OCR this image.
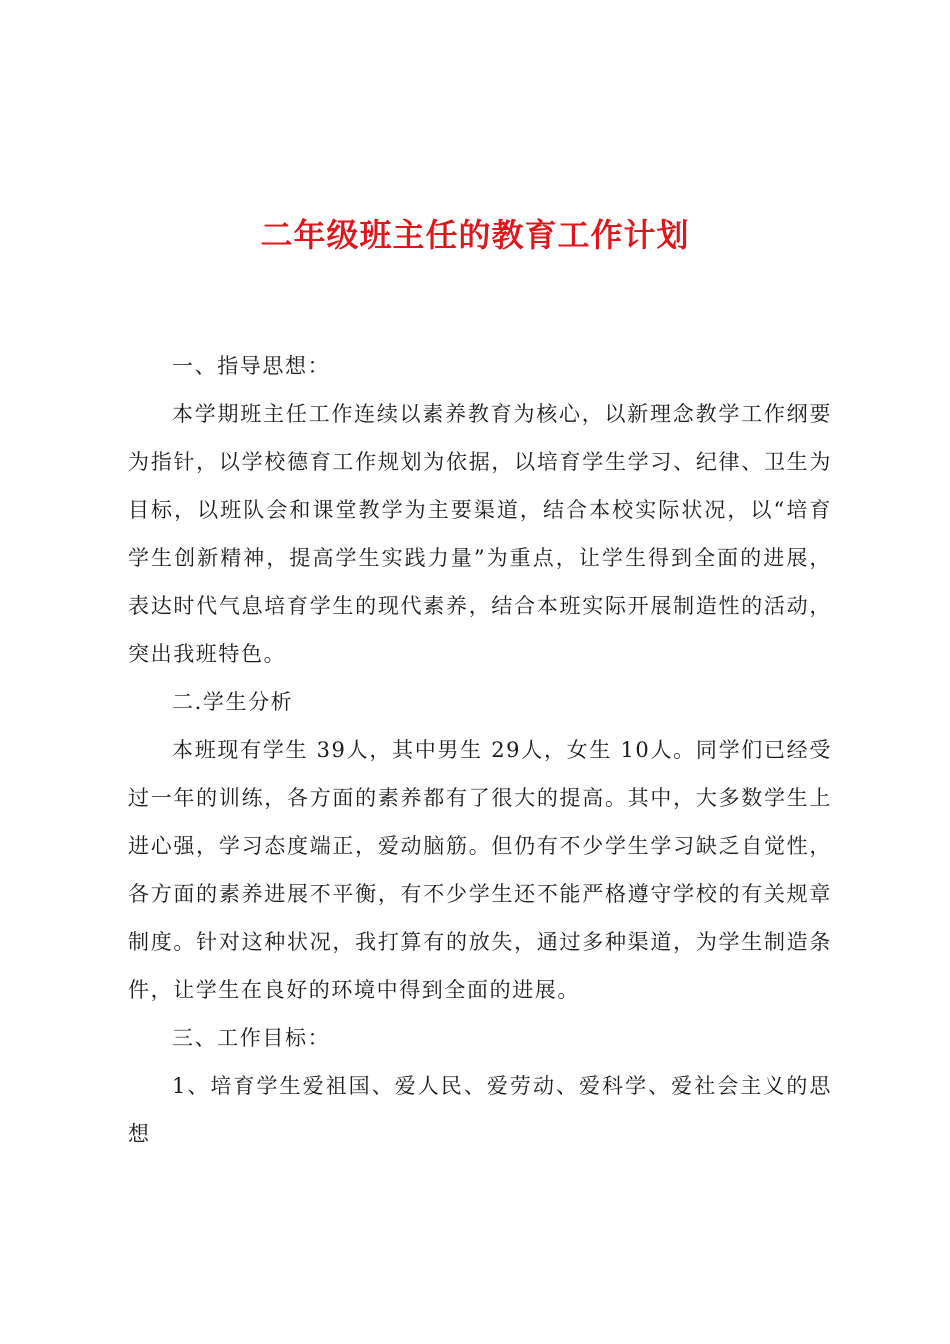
二年级班主任的教育工作计划

一、指导思想：

本学期班主任工作连续以素养教育为核心，以新理念教学工作纲要为指针，以学校德育工作规划为依据，以培育学生学习、纪律、卫生为目标，以班队会和课堂教学为主要渠道，结合本校实际状况，以“培育学生创新精神，提高学生实践力量”为重点，让学生得到全面的进展，表达时代气息培育学生的现代素养，结合本班实际开展制造性的活动，突出我班特色。

二.学生分析

本班现有学生 39人，其中男生 29人，女生 10人。同学们已经受过一年的训练，各方面的素养都有了很大的提高。其中，大多数学生上进心强，学习态度端正，爱动脑筋。但仍有不少学生学习缺乏自觉性，各方面的素养进展不平衡，有不少学生还不能严格遵守学校的有关规章制度。针对这种状况，我打算有的放失，通过多种渠道，为学生制造条件，让学生在良好的环境中得到全面的进展。

三、工作目标：

1、培育学生爱祖国、爱人民、爱劳动、爱科学、爱社会主义的思想
